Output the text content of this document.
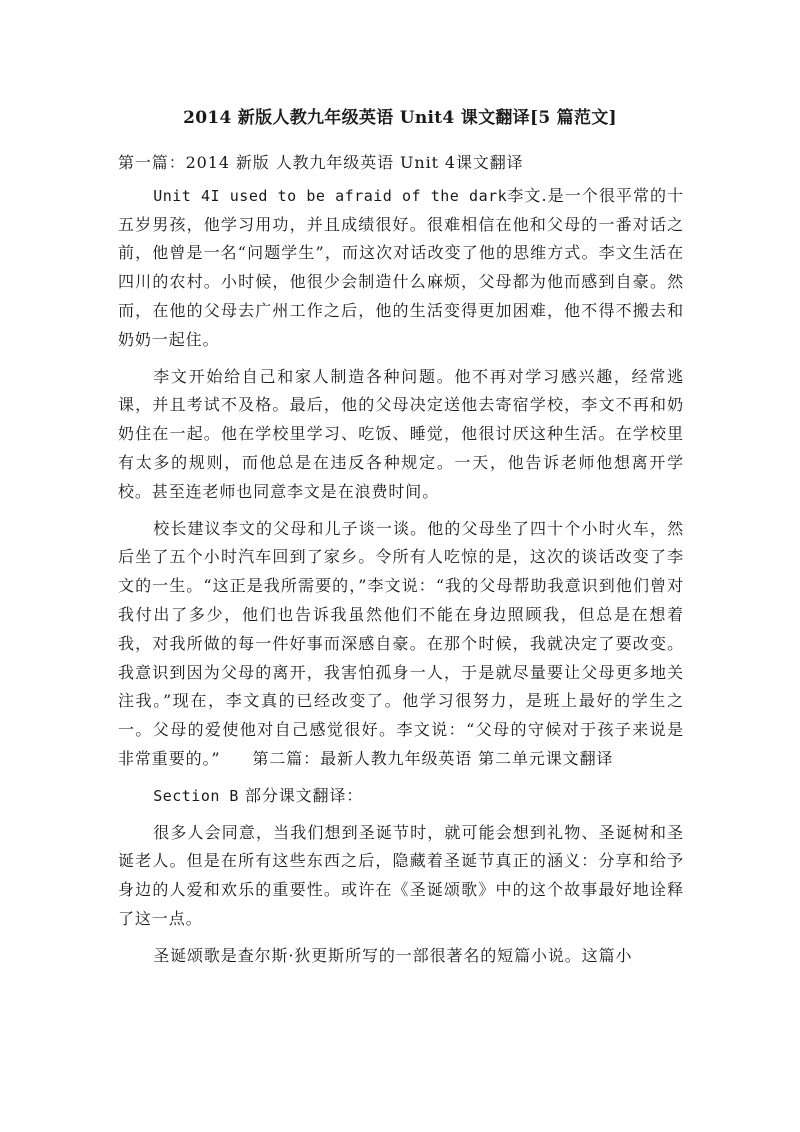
2014 新版人教九年级英语 Unit4 课文翻译[5 篇范文]

第一篇：2014 新版 人教九年级英语 Unit 4课文翻译

Unit 4I used to be afraid of the dark李文.是一个很平常的十五岁男孩，他学习用功，并且成绩很好。很难相信在他和父母的一番对话之前，他曾是一名“问题学生”，而这次对话改变了他的思维方式。李文生活在四川的农村。小时候，他很少会制造什么麻烦，父母都为他而感到自豪。然而，在他的父母去广州工作之后，他的生活变得更加困难，他不得不搬去和奶奶一起住。

李文开始给自己和家人制造各种问题。他不再对学习感兴趣，经常逃课，并且考试不及格。最后，他的父母决定送他去寄宿学校，李文不再和奶奶住在一起。他在学校里学习、吃饭、睡觉，他很讨厌这种生活。在学校里有太多的规则，而他总是在违反各种规定。一天，他告诉老师他想离开学校。甚至连老师也同意李文是在浪费时间。

校长建议李文的父母和儿子谈一谈。他的父母坐了四十个小时火车，然后坐了五个小时汽车回到了家乡。令所有人吃惊的是，这次的谈话改变了李文的一生。“这正是我所需要的，”李文说：“我的父母帮助我意识到他们曾对我付出了多少，他们也告诉我虽然他们不能在身边照顾我，但总是在想着我，对我所做的每一件好事而深感自豪。在那个时候，我就决定了要改变。我意识到因为父母的离开，我害怕孤身一人，于是就尽量要让父母更多地关注我。”现在，李文真的已经改变了。他学习很努力，是班上最好的学生之一。父母的爱使他对自己感觉很好。李文说：“父母的守候对于孩子来说是非常重要的。” 第二篇：最新人教九年级英语 第二单元课文翻译

Section B 部分课文翻译：

很多人会同意，当我们想到圣诞节时，就可能会想到礼物、圣诞树和圣诞老人。但是在所有这些东西之后，隐藏着圣诞节真正的涵义：分享和给予身边的人爱和欢乐的重要性。或许在《圣诞颂歌》中的这个故事最好地诠释了这一点。

圣诞颂歌是查尔斯·狄更斯所写的一部很著名的短篇小说。这篇小
